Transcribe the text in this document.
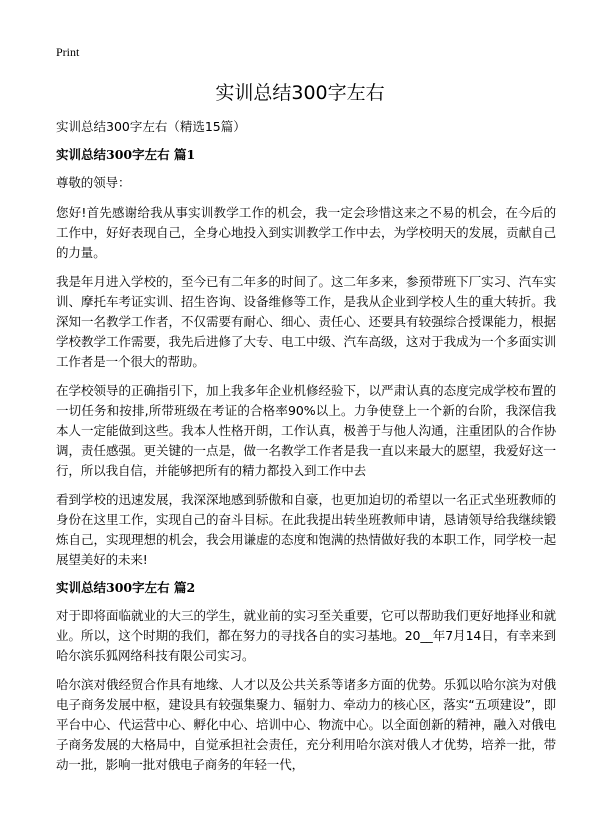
Print
实训总结300字左右

实训总结300字左右（精选15篇）

实训总结300字左右 篇1

尊敬的领导：

您好!首先感谢给我从事实训教学工作的机会，我一定会珍惜这来之不易的机会，在今后的工作中，好好表现自己，全身心地投入到实训教学工作中去，为学校明天的发展，贡献自己的力量。

我是年月进入学校的，至今已有二年多的时间了。这二年多来，参预带班下厂实习、汽车实训、摩托车考证实训、招生咨询、设备维修等工作，是我从企业到学校人生的重大转折。我深知一名教学工作者，不仅需要有耐心、细心、责任心、还要具有较强综合授课能力，根据学校教学工作需要，我先后进修了大专、电工中级、汽车高级，这对于我成为一个多面实训工作者是一个很大的帮助。

在学校领导的正确指引下，加上我多年企业机修经验下，以严肃认真的态度完成学校布置的一切任务和按排,所带班级在考证的合格率90%以上。力争使登上一个新的台阶，我深信我本人一定能做到这些。我本人性格开朗，工作认真，极善于与他人沟通，注重团队的合作协调，责任感强。更关键的一点是，做一名教学工作者是我一直以来最大的愿望，我爱好这一行，所以我自信，并能够把所有的精力都投入到工作中去

看到学校的迅速发展，我深深地感到骄傲和自豪，也更加迫切的希望以一名正式坐班教师的身份在这里工作，实现自己的奋斗目标。在此我提出转坐班教师申请，恳请领导给我继续锻炼自己，实现理想的机会，我会用谦虚的态度和饱满的热情做好我的本职工作，同学校一起展望美好的未来!

实训总结300字左右 篇2

对于即将面临就业的大三的学生，就业前的实习至关重要，它可以帮助我们更好地择业和就业。所以，这个时期的我们，都在努力的寻找各自的实习基地。20__年7月14日，有幸来到哈尔滨乐狐网络科技有限公司实习。

哈尔滨对俄经贸合作具有地缘、人才以及公共关系等诸多方面的优势。乐狐以哈尔滨为对俄电子商务发展中枢，建设具有较强集聚力、辐射力、牵动力的核心区，落实“五项建设”，即平台中心、代运营中心、孵化中心、培训中心、物流中心。以全面创新的精神，融入对俄电子商务发展的大格局中，自觉承担社会责任，充分利用哈尔滨对俄人才优势，培养一批，带动一批，影响一批对俄电子商务的年轻一代，
